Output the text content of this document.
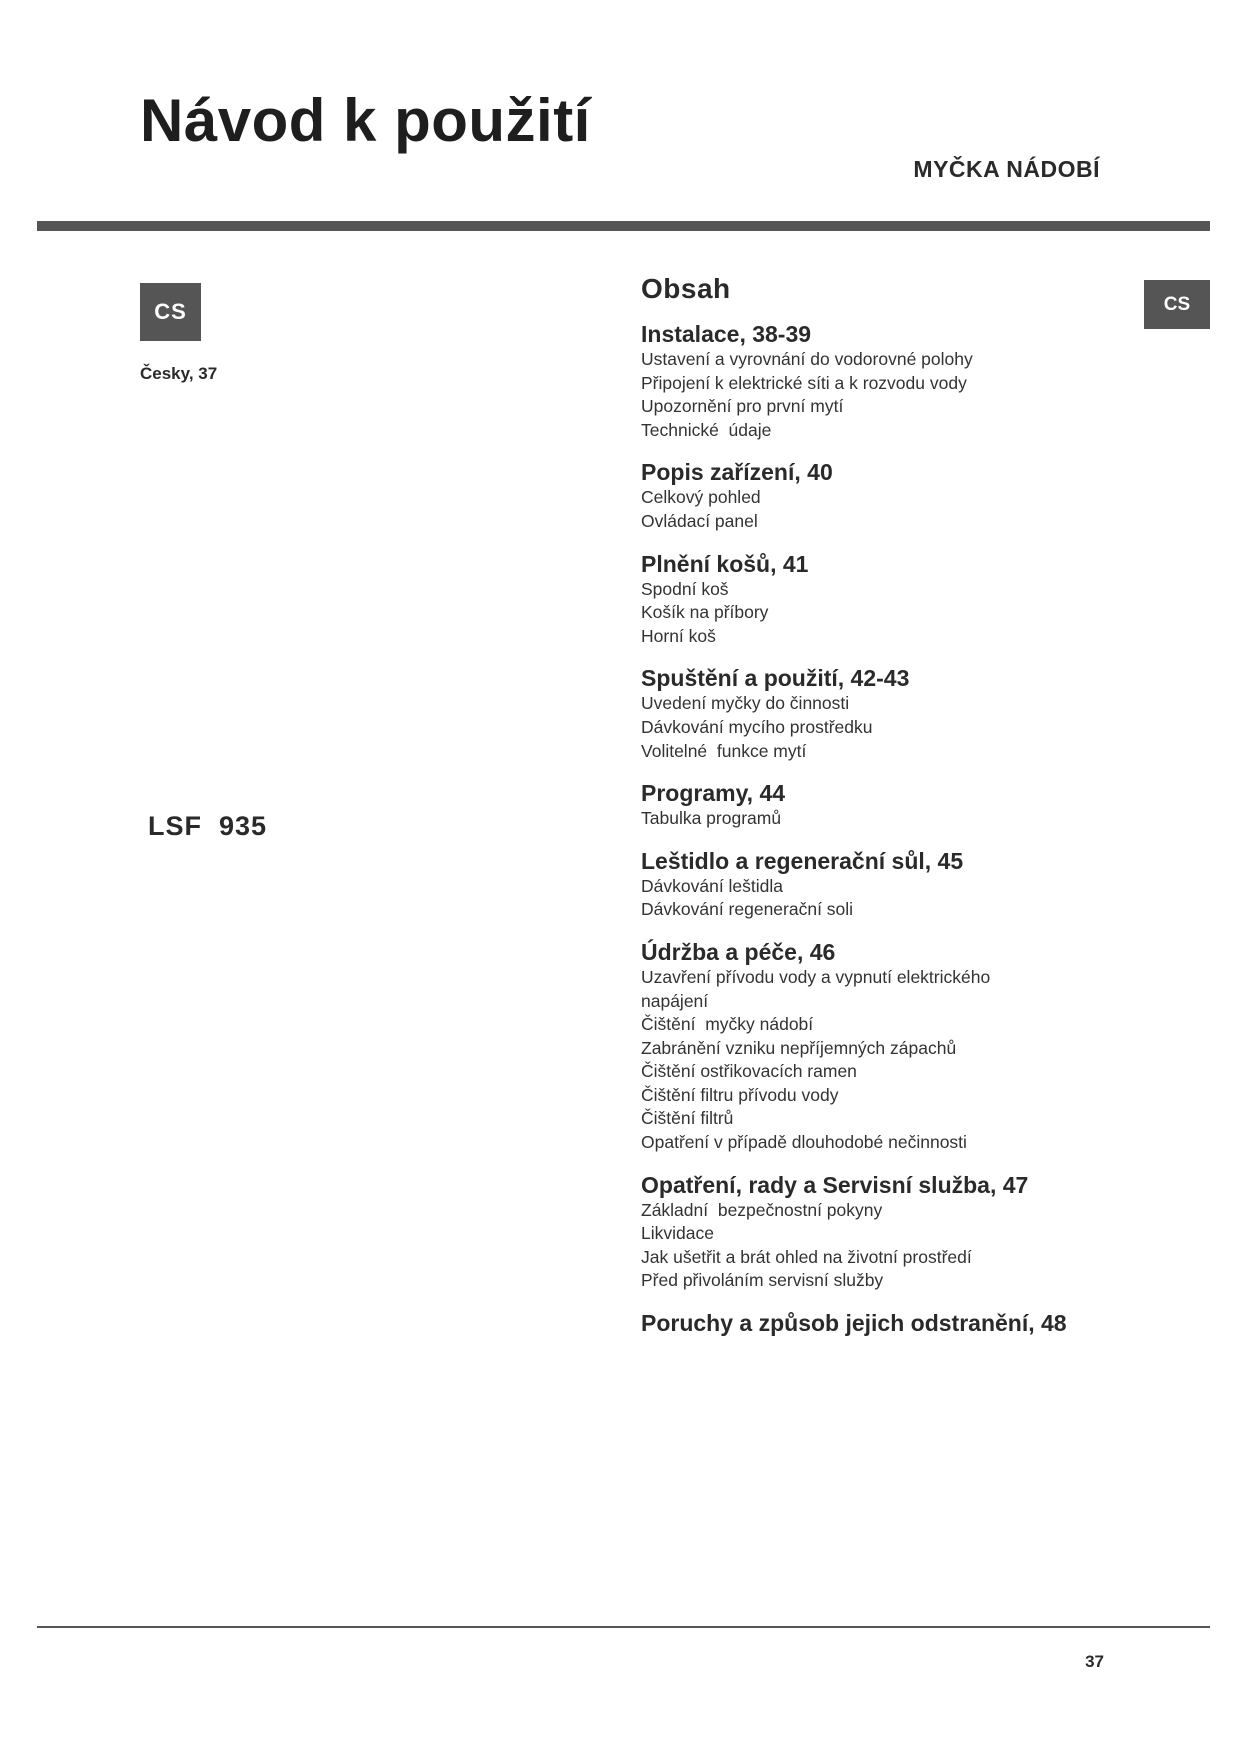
Návod k použití
MYČKA NÁDOBÍ
CS
Česky, 37
LSF  935
CS
Obsah
Instalace, 38-39
Ustavení a vyrovnání do vodorovné polohy
Připojení k elektrické síti a k rozvodu vody
Upozornění pro první mytí
Technické  údaje
Popis zařízení, 40
Celkový pohled
Ovládací panel
Plnění košů, 41
Spodní koš
Košík na příbory
Horní koš
Spuštění a použití, 42-43
Uvedení myčky do činnosti
Dávkování mycího prostředku
Volitelné  funkce mytí
Programy, 44
Tabulka programů
Leštidlo a regenerační sůl, 45
Dávkování leštidla
Dávkování regenerační soli
Údržba a péče, 46
Uzavření přívodu vody a vypnutí elektrického
napájení
Čištění  myčky nádobí
Zabránění vzniku nepříjemných zápachů
Čištění ostřikovacích ramen
Čištění filtru přívodu vody
Čištění filtrů
Opatření v případě dlouhodobé nečinnosti
Opatření, rady a Servisní služba, 47
Základní  bezpečnostní pokyny
Likvidace
Jak ušetřit a brát ohled na životní prostředí
Před přivoláním servisní služby
Poruchy a způsob jejich odstranění, 48
37
